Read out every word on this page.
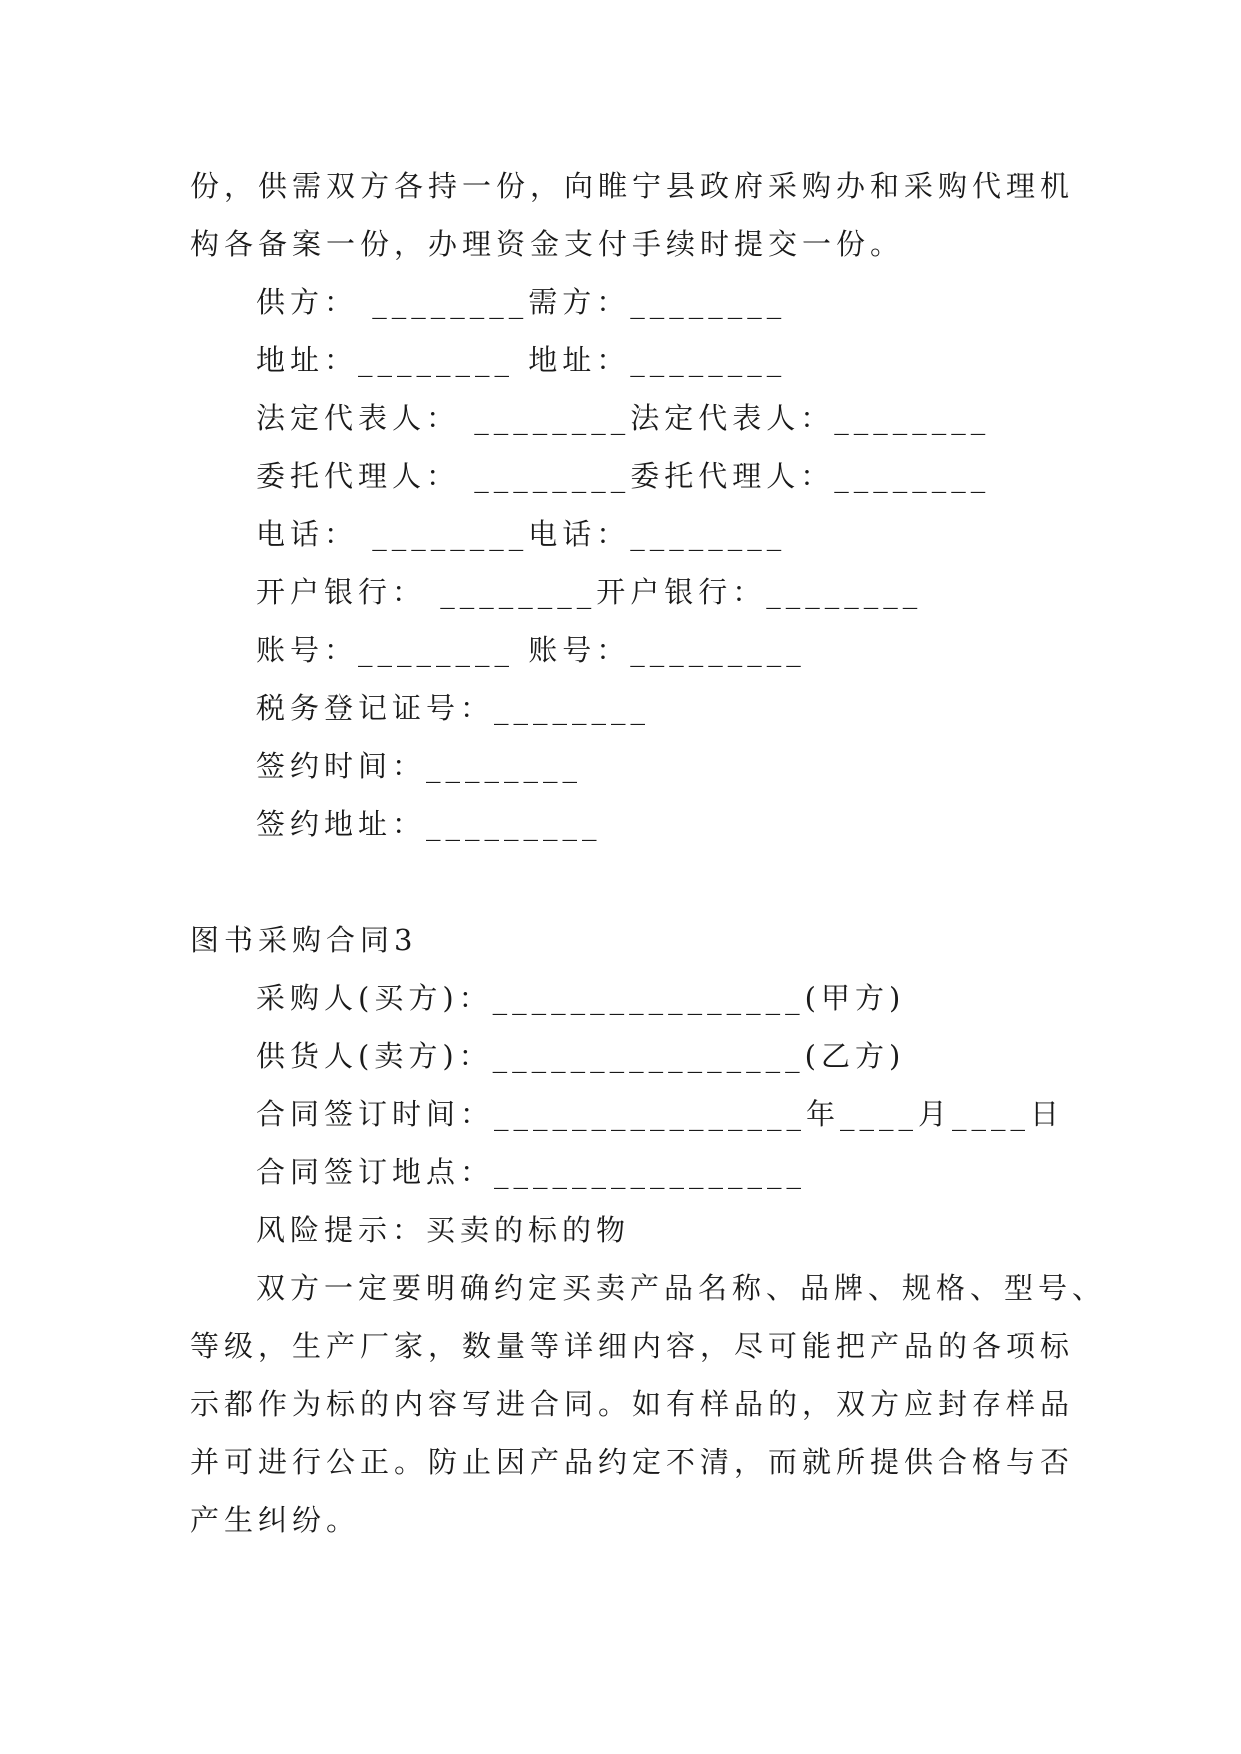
份，供需双方各持一份，向睢宁县政府采购办和采购代理机
构各备案一份，办理资金支付手续时提交一份。
供方： ________需方：________
地址：________ 地址：________
法定代表人： ________法定代表人：________
委托代理人： ________委托代理人：________
电话： ________电话：________
开户银行： ________开户银行：________
账号：________ 账号：_________
税务登记证号：________
签约时间：________
签约地址：_________
图书采购合同3
采购人(买方)：________________(甲方)
供货人(卖方)：________________(乙方)
合同签订时间：________________年____月____日
合同签订地点：________________
风险提示：买卖的标的物
双方一定要明确约定买卖产品名称、品牌、规格、型号、
等级，生产厂家，数量等详细内容，尽可能把产品的各项标
示都作为标的内容写进合同。如有样品的，双方应封存样品
并可进行公正。防止因产品约定不清，而就所提供合格与否
产生纠纷。
